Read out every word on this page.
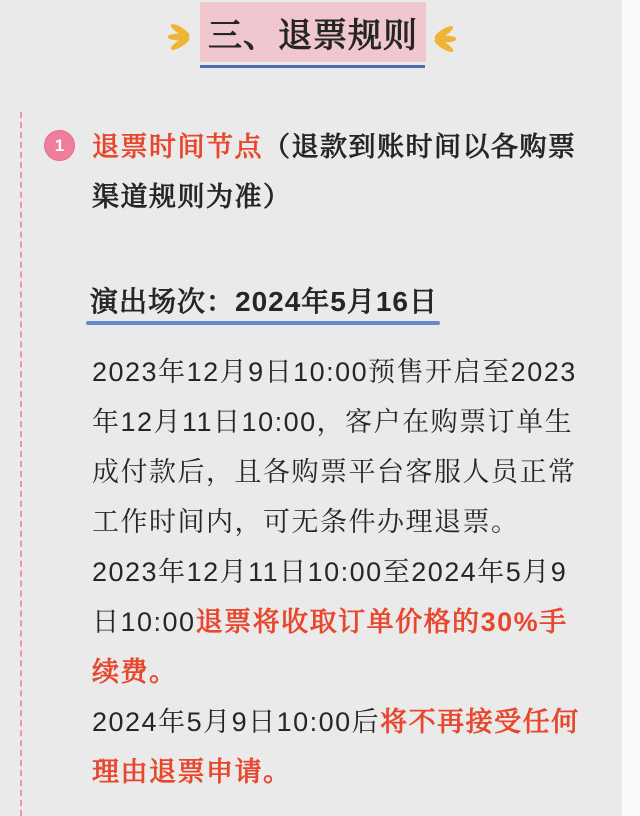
三、退票规则
1 退票时间节点（退款到账时间以各购票
渠道规则为准）
演出场次：2024年5月16日
2023年12月9日10:00预售开启至2023
年12月11日10:00，客户在购票订单生
成付款后，且各购票平台客服人员正常
工作时间内，可无条件办理退票。
2023年12月11日10:00至2024年5月9
日10:00退票将收取订单价格的30%手
续费。
2024年5月9日10:00后将不再接受任何
理由退票申请。
